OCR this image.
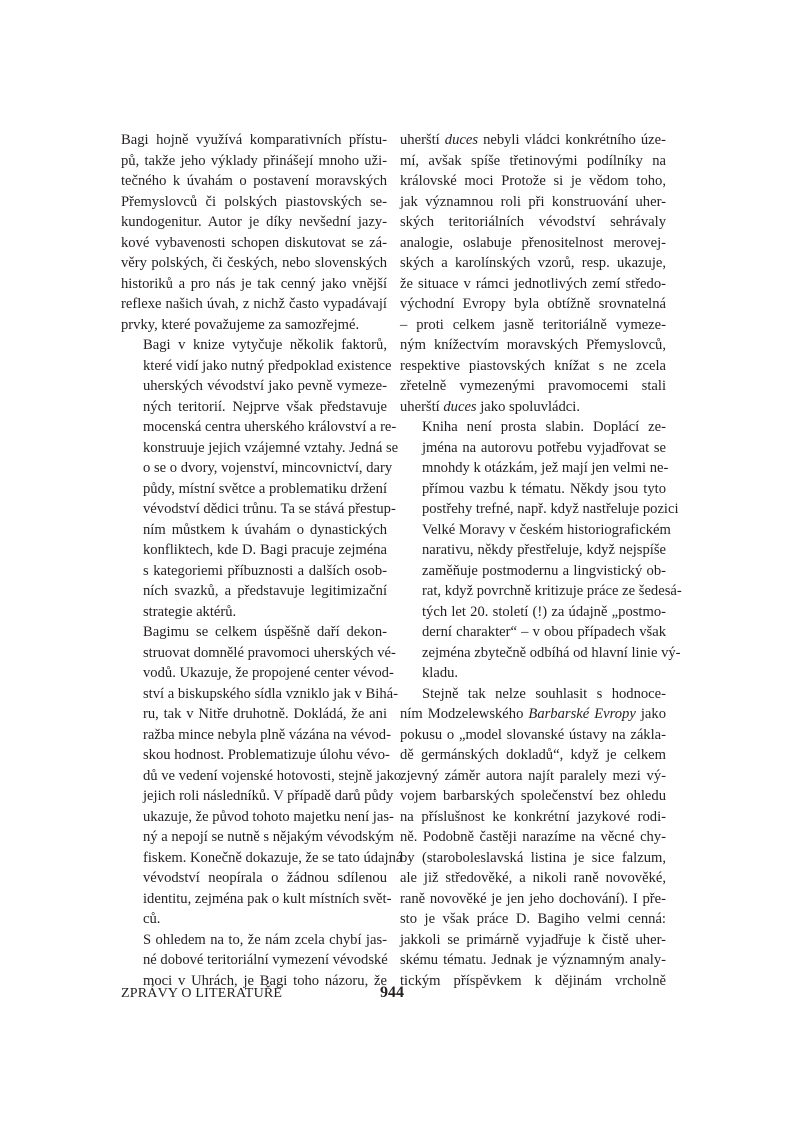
Bagi hojně využívá komparativních přístu-
pů, takže jeho výklady přinášejí mnoho uži-
tečného k úvahám o postavení moravských
Přemyslovců či polských piastovských se-
kundogenitur. Autor je díky nevšední jazy-
kové vybavenosti schopen diskutovat se zá-
věry polských, či českých, nebo slovenských
historiků a pro nás je tak cenný jako vnější
reflexe našich úvah, z nichž často vypadávají
prvky, které považujeme za samozřejmé.

Bagi v knize vytyčuje několik faktorů,
které vidí jako nutný předpoklad existence
uherských vévodství jako pevně vymeze-
ných teritorií. Nejprve však představuje
mocenská centra uherského království a re-
konstruuje jejich vzájemné vztahy. Jedná se
o se o dvory, vojenství, mincovnictví, dary
půdy, místní světce a problematiku držení
vévodství dědici trůnu. Ta se stává přestup-
ním můstkem k úvahám o dynastických
konfliktech, kde D. Bagi pracuje zejména
s kategoriemi příbuznosti a dalších osob-
ních svazků, a představuje legitimizační
strategie aktérů.

Bagimu se celkem úspěšně daří dekon-
struovat domnělé pravomoci uherských vé-
vodů. Ukazuje, že propojené center vévod-
ství a biskupského sídla vzniklo jak v Bihá-
ru, tak v Nitře druhotně. Dokládá, že ani
ražba mince nebyla plně vázána na vévod-
skou hodnost. Problematizuje úlohu vévo-
dů ve vedení vojenské hotovosti, stejně jako
jejich roli následníků. V případě darů půdy
ukazuje, že původ tohoto majetku není jas-
ný a nepojí se nutně s nějakým vévodským
fiskem. Konečně dokazuje, že se tato údajná
vévodství neopírala o žádnou sdílenou
identitu, zejména pak o kult místních svět-
ců.

S ohledem na to, že nám zcela chybí jas-
né dobové teritoriální vymezení vévodské
moci v Uhrách, je Bagi toho názoru, že

uherští duces nebyli vládci konkrétního úze-
mí, avšak spíše třetinovými podílníky na
královské moci Protože si je vědom toho,
jak významnou roli při konstruování uher-
ských teritoriálních vévodství sehrávaly
analogie, oslabuje přenositelnost merovej-
ských a karolínských vzorů, resp. ukazuje,
že situace v rámci jednotlivých zemí středo-
východní Evropy byla obtížně srovnatelná
– proti celkem jasně teritoriálně vymeze-
ným knížectvím moravských Přemyslovců,
respektive piastovských knížat s ne zcela
zřetelně vymezenými pravomocemi stali
uherští duces jako spoluvládci.

Kniha není prosta slabin. Doplácí ze-
jména na autorovu potřebu vyjadřovat se
mnohdy k otázkám, jež mají jen velmi ne-
přímou vazbu k tématu. Někdy jsou tyto
postřehy trefné, např. když nastřeluje pozici
Velké Moravy v českém historiografickém
narativu, někdy přestřeluje, když nejspíše
zaměňuje postmodernu a lingvistický ob-
rat, když povrchně kritizuje práce ze šedesá-
tých let 20. století (!) za údajně „postmo-
derní charakter“ – v obou případech však
zejména zbytečně odbíhá od hlavní linie vý-
kladu.

Stejně tak nelze souhlasit s hodnoce-
ním Modzelewského Barbarské Evropy jako
pokusu o „model slovanské ústavy na zákla-
dě germánských dokladů“, když je celkem
zjevný záměr autora najít paralely mezi vý-
vojem barbarských společenství bez ohledu
na příslušnost ke konkrétní jazykové rodi-
ně. Podobně častěji narazíme na věcné chy-
by (staroboleslavská listina je sice falzum,
ale již středověké, a nikoli raně novověké,
raně novověké je jen jeho dochování). I pře-
sto je však práce D. Bagiho velmi cenná:
jakkoli se primárně vyjadřuje k čistě uher-
skému tématu. Jednak je významným analy-
tickým příspěvkem k dějinám vrcholně

ZPRÁVY O LITERATUŘE	944
